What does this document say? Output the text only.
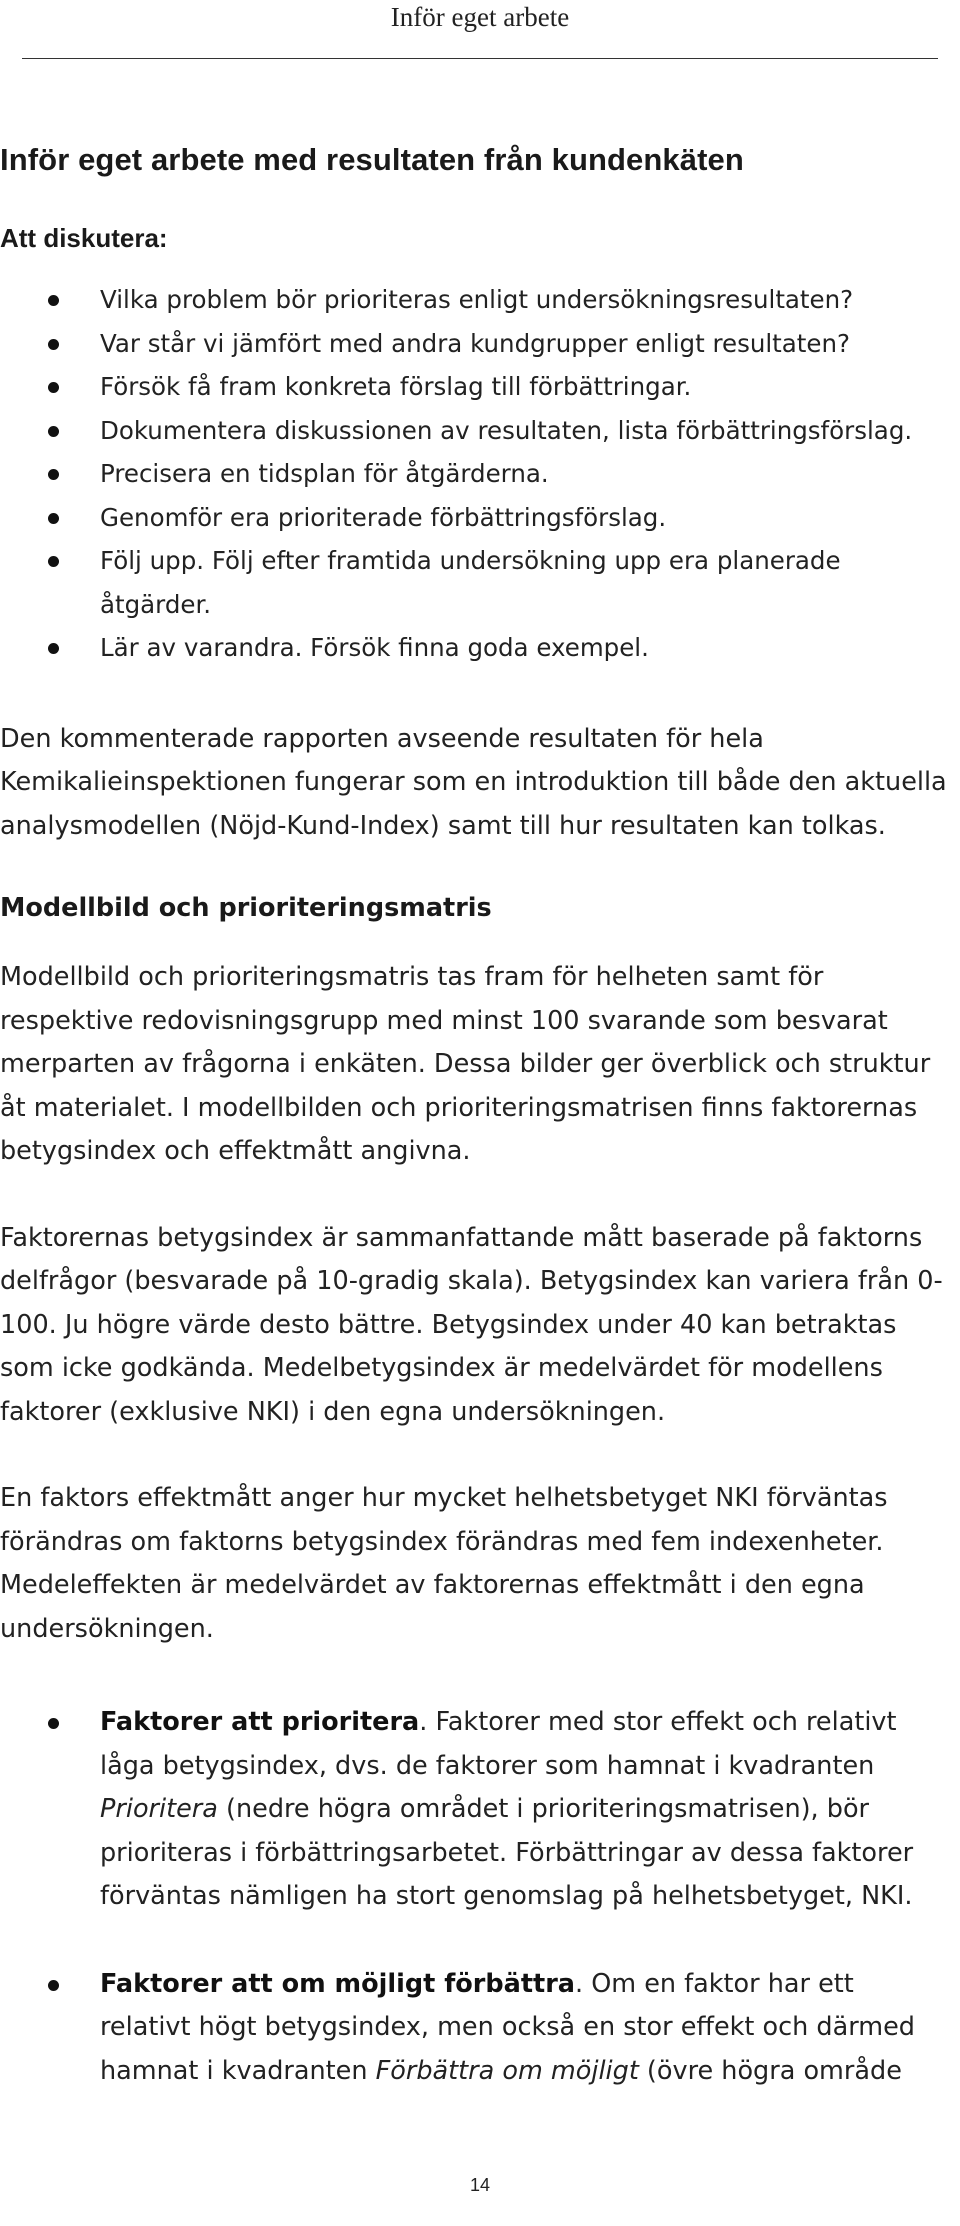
Inför eget arbete
Inför eget arbete med resultaten från kundenkäten
Att diskutera:
Vilka problem bör prioriteras enligt undersökningsresultaten?
Var står vi jämfört med andra kundgrupper enligt resultaten?
Försök få fram konkreta förslag till förbättringar.
Dokumentera diskussionen av resultaten, lista förbättringsförslag.
Precisera en tidsplan för åtgärderna.
Genomför era prioriterade förbättringsförslag.
Följ upp. Följ efter framtida undersökning upp era planerade åtgärder.
Lär av varandra. Försök finna goda exempel.

Den kommenterade rapporten avseende resultaten för hela Kemikalieinspektionen fungerar som en introduktion till både den aktuella analysmodellen (Nöjd-Kund-Index) samt till hur resultaten kan tolkas.

Modellbild och prioriteringsmatris

Modellbild och prioriteringsmatris tas fram för helheten samt för respektive redovisningsgrupp med minst 100 svarande som besvarat merparten av frågorna i enkäten. Dessa bilder ger överblick och struktur åt materialet. I modellbilden och prioriteringsmatrisen finns faktorernas betygsindex och effektmått angivna.

Faktorernas betygsindex är sammanfattande mått baserade på faktorns delfrågor (besvarade på 10-gradig skala). Betygsindex kan variera från 0-100. Ju högre värde desto bättre. Betygsindex under 40 kan betraktas som icke godkända. Medelbetygsindex är medelvärdet för modellens faktorer (exklusive NKI) i den egna undersökningen.

En faktors effektmått anger hur mycket helhetsbetyget NKI förväntas förändras om faktorns betygsindex förändras med fem indexenheter. Medeleffekten är medelvärdet av faktorernas effektmått i den egna undersökningen.

Faktorer att prioritera. Faktorer med stor effekt och relativt låga betygsindex, dvs. de faktorer som hamnat i kvadranten Prioritera (nedre högra området i prioriteringsmatrisen), bör prioriteras i förbättringsarbetet. Förbättringar av dessa faktorer förväntas nämligen ha stort genomslag på helhetsbetyget, NKI.
Faktorer att om möjligt förbättra. Om en faktor har ett relativt högt betygsindex, men också en stor effekt och därmed hamnat i kvadranten Förbättra om möjligt (övre högra område
14
